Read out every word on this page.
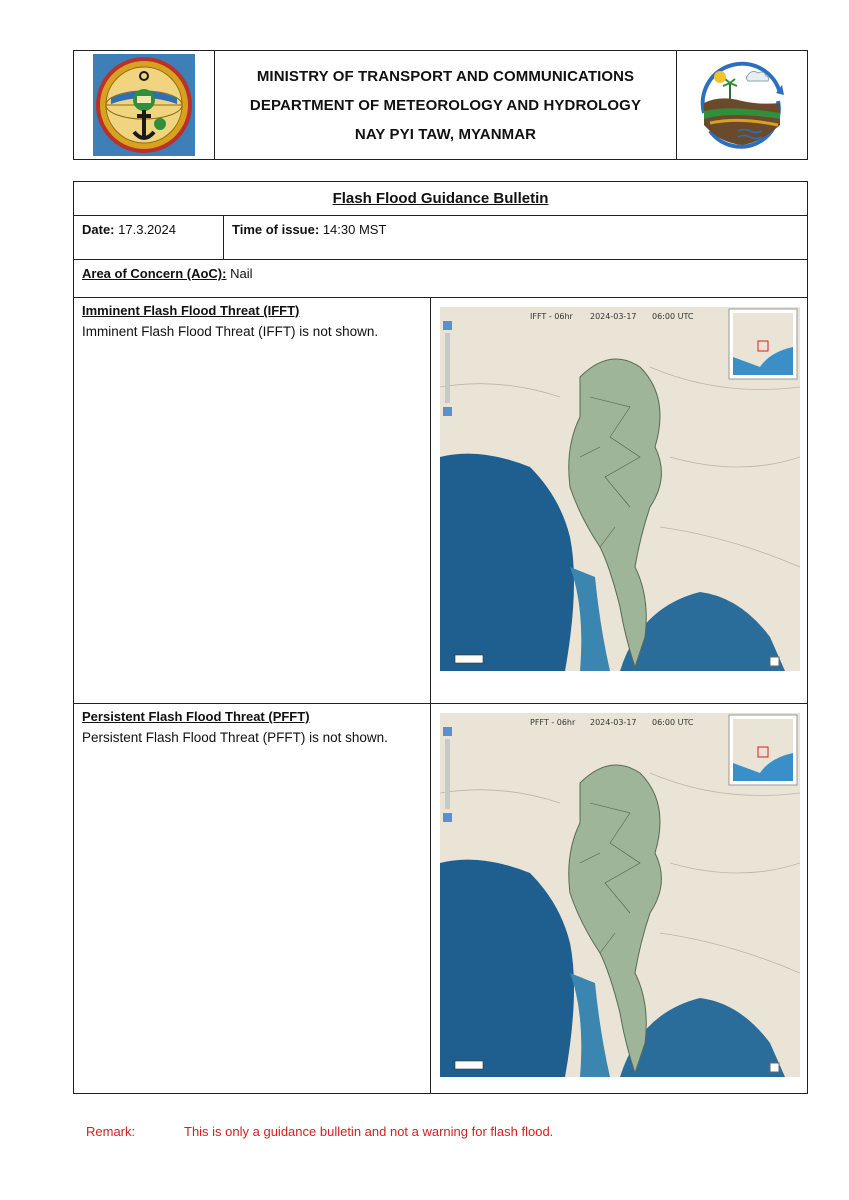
MINISTRY OF TRANSPORT AND COMMUNICATIONS
DEPARTMENT OF METEOROLOGY AND HYDROLOGY
NAY PYI TAW, MYANMAR
Flash Flood Guidance Bulletin
Date: 17.3.2024	Time of issue: 14:30 MST
Area of Concern (AoC): Nail
Imminent Flash Flood Threat (IFFT)
Imminent Flash Flood Threat (IFFT) is not shown.
IFFT - 06hr 2024-03-17 06:00 UTC
Persistent Flash Flood Threat (PFFT)
Persistent Flash Flood Threat (PFFT) is not shown.
PFFT - 06hr 2024-03-17 06:00 UTC
Remark:	This is only a guidance bulletin and not a warning for flash flood.
